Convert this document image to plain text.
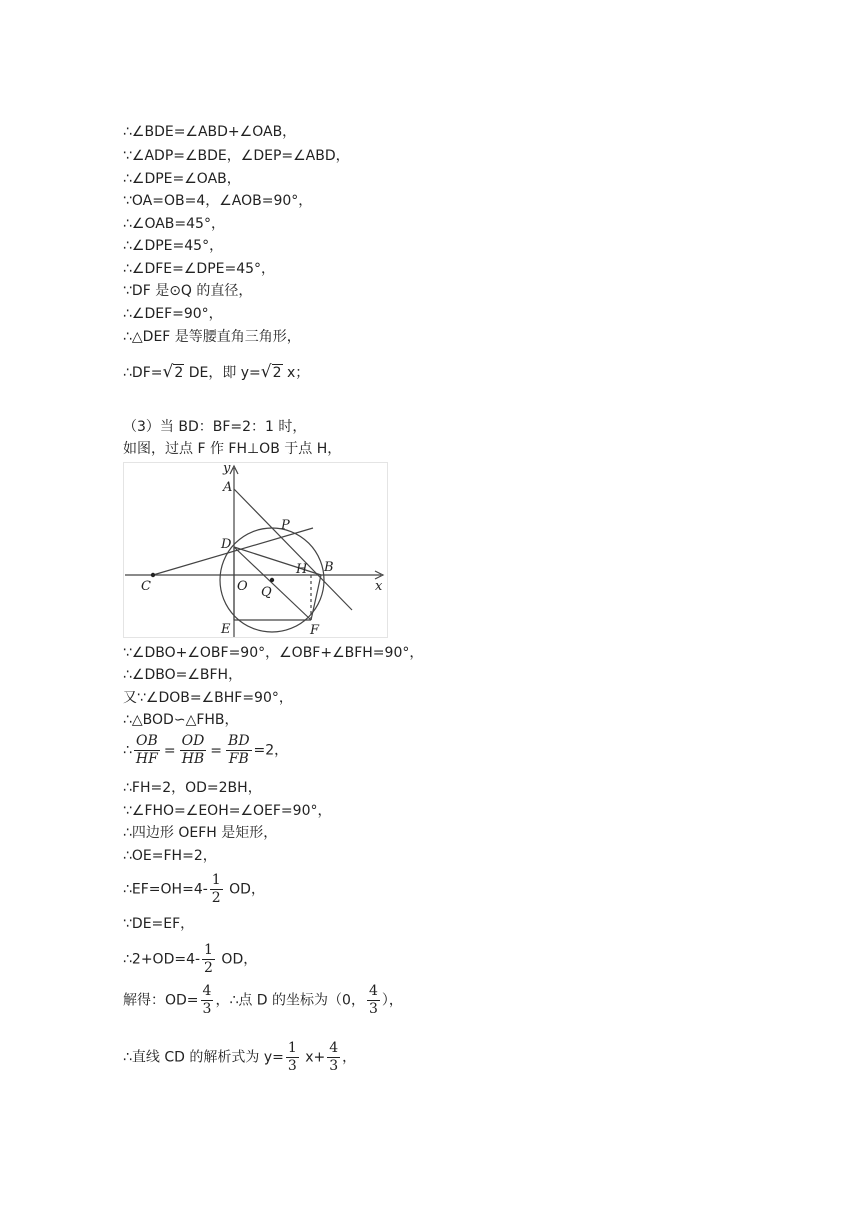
∴∠BDE=∠ABD+∠OAB，
∵∠ADP=∠BDE，∠DEP=∠ABD，
∴∠DPE=∠OAB，
∵OA=OB=4，∠AOB=90°，
∴∠OAB=45°，
∴∠DPE=45°，
∴∠DFE=∠DPE=45°，
∵DF 是⊙Q 的直径，
∴∠DEF=90°，
∴△DEF 是等腰直角三角形，
∴DF=√2 DE，即 y=√2 x；
（3）当 BD：BF=2：1 时，
如图，过点 F 作 FH⊥OB 于点 H，
y
x
A
P
D
C	O Q
H B
E	F
∵∠DBO+∠OBF=90°，∠OBF+∠BFH=90°，
∴∠DBO=∠BFH，
又∵∠DOB=∠BHF=90°，
∴△BOD∽△FHB，
∴ $\frac{OB}{HF} = \frac{OD}{HB} = \frac{BD}{FB} =2$，
∴FH=2，OD=2BH，
∵∠FHO=∠EOH=∠OEF=90°，
∴四边形 OEFH 是矩形，
∴OE=FH=2，
∴EF=OH=4- $\frac{1}{2}$ OD，
∵DE=EF，
∴2+OD=4- $\frac{1}{2}$ OD，
解得：$OD= \frac{4}{3}$ ，∴点 D 的坐标为（0， $\frac{4}{3}$ ），
∴直线 CD 的解析式为 $y= \frac{1}{3} x+ \frac{4}{3}$ ，
